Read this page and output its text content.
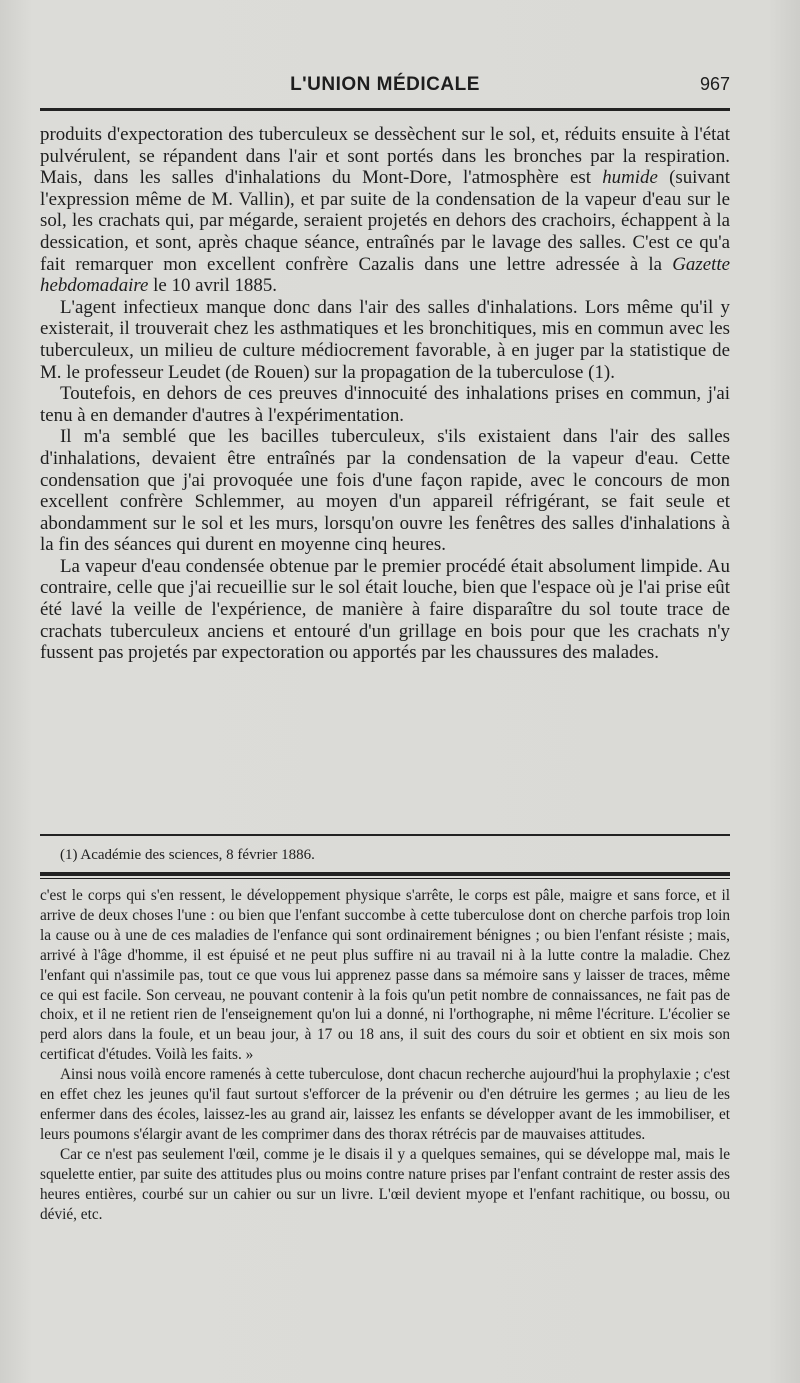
L'UNION MÉDICALE	967

produits d'expectoration des tuberculeux se dessèchent sur le sol, et, réduits ensuite à l'état pulvérulent, se répandent dans l'air et sont portés dans les bronches par la respiration. Mais, dans les salles d'inhalations du Mont-Dore, l'atmosphère est humide (suivant l'expression même de M. Vallin), et par suite de la condensation de la vapeur d'eau sur le sol, les crachats qui, par mégarde, seraient projetés en dehors des crachoirs, échappent à la dessication, et sont, après chaque séance, entraînés par le lavage des salles. C'est ce qu'a fait remarquer mon excellent confrère Cazalis dans une lettre adressée à la Gazette hebdomadaire le 10 avril 1885.

L'agent infectieux manque donc dans l'air des salles d'inhalations. Lors même qu'il y existerait, il trouverait chez les asthmatiques et les bronchitiques, mis en commun avec les tuberculeux, un milieu de culture médiocrement favorable, à en juger par la statistique de M. le professeur Leudet (de Rouen) sur la propagation de la tuberculose (1).

Toutefois, en dehors de ces preuves d'innocuité des inhalations prises en commun, j'ai tenu à en demander d'autres à l'expérimentation.

Il m'a semblé que les bacilles tuberculeux, s'ils existaient dans l'air des salles d'inhalations, devaient être entraînés par la condensation de la vapeur d'eau. Cette condensation que j'ai provoquée une fois d'une façon rapide, avec le concours de mon excellent confrère Schlemmer, au moyen d'un appareil réfrigérant, se fait seule et abondamment sur le sol et les murs, lorsqu'on ouvre les fenêtres des salles d'inhalations à la fin des séances qui durent en moyenne cinq heures.

La vapeur d'eau condensée obtenue par le premier procédé était absolument limpide. Au contraire, celle que j'ai recueillie sur le sol était louche, bien que l'espace où je l'ai prise eût été lavé la veille de l'expérience, de manière à faire disparaître du sol toute trace de crachats tuberculeux anciens et entouré d'un grillage en bois pour que les crachats n'y fussent pas projetés par expectoration ou apportés par les chaussures des malades.

(1) Académie des sciences, 8 février 1886.

c'est le corps qui s'en ressent, le développement physique s'arrête, le corps est pâle, maigre et sans force, et il arrive de deux choses l'une : ou bien que l'enfant succombe à cette tuberculose dont on cherche parfois trop loin la cause ou à une de ces maladies de l'enfance qui sont ordinairement bénignes ; ou bien l'enfant résiste ; mais, arrivé à l'âge d'homme, il est épuisé et ne peut plus suffire ni au travail ni à la lutte contre la maladie. Chez l'enfant qui n'assimile pas, tout ce que vous lui apprenez passe dans sa mémoire sans y laisser de traces, même ce qui est facile. Son cerveau, ne pouvant contenir à la fois qu'un petit nombre de connaissances, ne fait pas de choix, et il ne retient rien de l'enseignement qu'on lui a donné, ni l'orthographe, ni même l'écriture. L'écolier se perd alors dans la foule, et un beau jour, à 17 ou 18 ans, il suit des cours du soir et obtient en six mois son certificat d'études. Voilà les faits. »

Ainsi nous voilà encore ramenés à cette tuberculose, dont chacun recherche aujourd'hui la prophylaxie ; c'est en effet chez les jeunes qu'il faut surtout s'efforcer de la prévenir ou d'en détruire les germes ; au lieu de les enfermer dans des écoles, laissez-les au grand air, laissez les enfants se développer avant de les immobiliser, et leurs poumons s'élargir avant de les comprimer dans des thorax rétrécis par de mauvaises attitudes.

Car ce n'est pas seulement l'œil, comme je le disais il y a quelques semaines, qui se développe mal, mais le squelette entier, par suite des attitudes plus ou moins contre nature prises par l'enfant contraint de rester assis des heures entières, courbé sur un cahier ou sur un livre. L'œil devient myope et l'enfant rachitique, ou bossu, ou dévié, etc.
